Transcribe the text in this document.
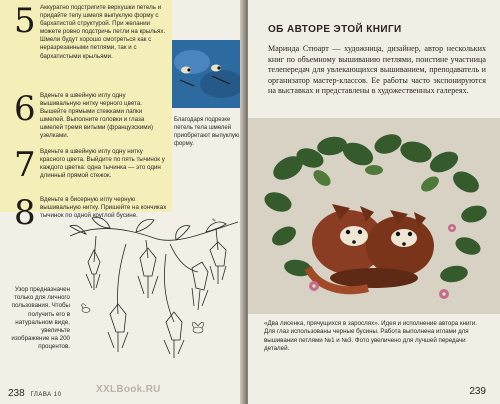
5 Аккуратно подстригите верхушки петель и придайте телу шмеля выпуклую форму с бархатистой структурой. При желании можете ровно подстричь петли на крыльях. Шмели будут хорошо смотреться как с неразрезанными петлями, так и с бархатистыми крыльями.
6 Вденьте в швейную иглу одну вышивальную нитку черного цвета. Вышейте прямыми стежками лапки шмелей. Выполните головки и глаза шмелей тремя витыми (французскими) узелками.
7 Вденьте в швейную иглу одну нитку красного цвета. Выйдите по пять тычинок у каждого цветка: одна тычинка — это один длинный прямой стежок.
8 Вденьте в бисерную иглу черную вышивальную нитку. Пришейте на кончиках тычинок по одной круглой бусине.
Благодаря подрезке петель тела шмелей приобретают выпуклую форму.
Узор предназначен только для личного пользования. Чтобы получить его в натуральном виде, увеличьте изображение на 200 процентов.
✎
238 ГЛАВА 10
ОБ АВТОРЕ ЭТОЙ КНИГИ
Маринда Стюарт — художница, дизайнер, автор нескольких книг по объемному вышиванию петлями, поистине участница телепередач для увлекающихся вышиванием, преподаватель и организатор мастер-классов. Ее работы часто экспонируются на выставках и представлены в художественных галереях.
«Два лисенка, прячущихся в зарослях». Идея и исполнение автора книги. Для глаз использованы черные бусины. Работа выполнена иглами для вышивания петлями №1 и №3. Фото увеличено для лучшей передачи деталей.
239
XXLBook.RU
